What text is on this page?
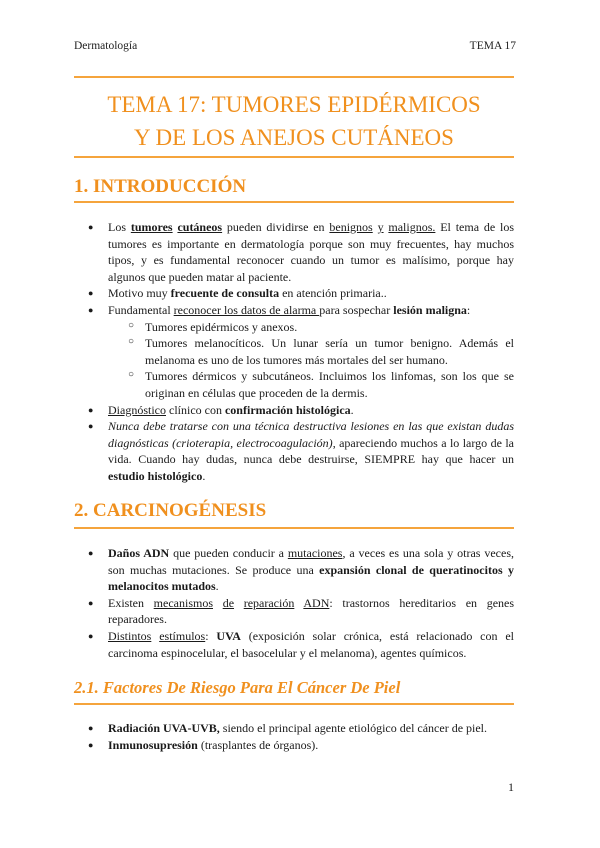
Dermatología	TEMA 17
TEMA 17: TUMORES EPIDÉRMICOS
Y DE LOS ANEJOS CUTÁNEOS
1. INTRODUCCIÓN
● Los tumores cutáneos pueden dividirse en benignos y malignos. El tema de los tumores es importante en dermatología porque son muy frecuentes, hay muchos tipos, y es fundamental reconocer cuando un tumor es malísimo, porque hay algunos que pueden matar al paciente.
● Motivo muy frecuente de consulta en atención primaria..
● Fundamental reconocer los datos de alarma para sospechar lesión maligna:
○ Tumores epidérmicos y anexos.
○ Tumores melanocíticos. Un lunar sería un tumor benigno. Además el melanoma es uno de los tumores más mortales del ser humano.
○ Tumores dérmicos y subcutáneos. Incluimos los linfomas, son los que se originan en células que proceden de la dermis.
● Diagnóstico clínico con confirmación histológica.
● Nunca debe tratarse con una técnica destructiva lesiones en las que existan dudas diagnósticas (crioterapia, electrocoagulación), apareciendo muchos a lo largo de la vida. Cuando hay dudas, nunca debe destruirse, SIEMPRE hay que hacer un estudio histológico.
2. CARCINOGÉNESIS
● Daños ADN que pueden conducir a mutaciones, a veces es una sola y otras veces, son muchas mutaciones. Se produce una expansión clonal de queratinocitos y melanocitos mutados.
● Existen mecanismos de reparación ADN: trastornos hereditarios en genes reparadores.
● Distintos estímulos: UVA (exposición solar crónica, está relacionado con el carcinoma espinocelular, el basocelular y el melanoma), agentes químicos.
2.1. Factores De Riesgo Para El Cáncer De Piel
● Radiación UVA-UVB, siendo el principal agente etiológico del cáncer de piel.
● Inmunosupresión (trasplantes de órganos).
1
